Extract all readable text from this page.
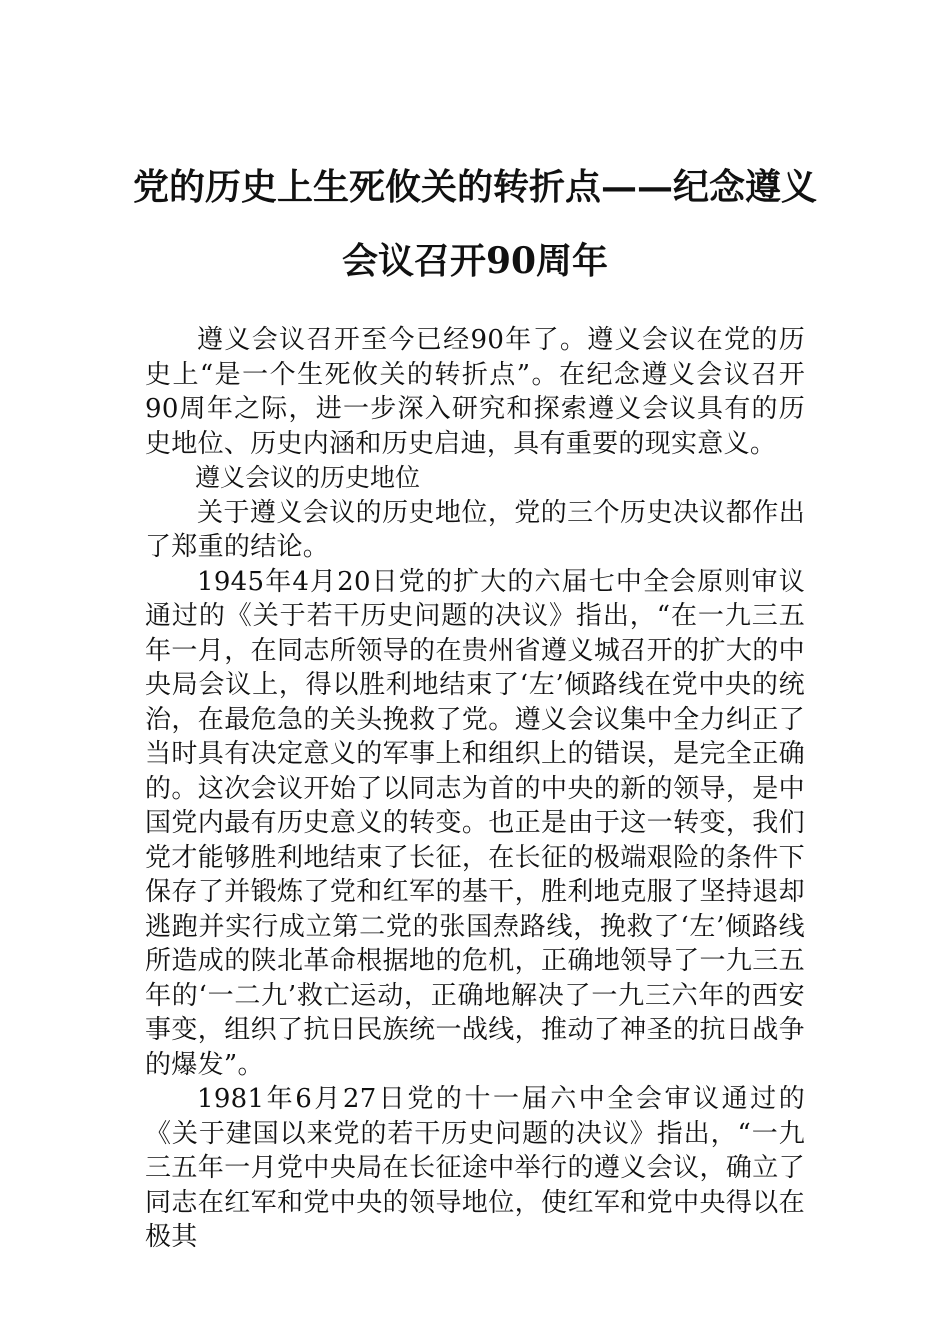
党的历史上生死攸关的转折点——纪念遵义会议召开90周年

遵义会议召开至今已经90年了。遵义会议在党的历史上“是一个生死攸关的转折点”。在纪念遵义会议召开90周年之际，进一步深入研究和探索遵义会议具有的历史地位、历史内涵和历史启迪，具有重要的现实意义。

遵义会议的历史地位

关于遵义会议的历史地位，党的三个历史决议都作出了郑重的结论。

1945年4月20日党的扩大的六届七中全会原则审议通过的《关于若干历史问题的决议》指出，“在一九三五年一月，在同志所领导的在贵州省遵义城召开的扩大的中央局会议上，得以胜利地结束了‘左’倾路线在党中央的统治，在最危急的关头挽救了党。遵义会议集中全力纠正了当时具有决定意义的军事上和组织上的错误，是完全正确的。这次会议开始了以同志为首的中央的新的领导，是中国党内最有历史意义的转变。也正是由于这一转变，我们党才能够胜利地结束了长征，在长征的极端艰险的条件下保存了并锻炼了党和红军的基干，胜利地克服了坚持退却逃跑并实行成立第二党的张国焘路线，挽救了‘左’倾路线所造成的陕北革命根据地的危机，正确地领导了一九三五年的‘一二九’救亡运动，正确地解决了一九三六年的西安事变，组织了抗日民族统一战线，推动了神圣的抗日战争的爆发”。

1981年6月27日党的十一届六中全会审议通过的《关于建国以来党的若干历史问题的决议》指出，“一九三五年一月党中央局在长征途中举行的遵义会议，确立了同志在红军和党中央的领导地位，使红军和党中央得以在极其
